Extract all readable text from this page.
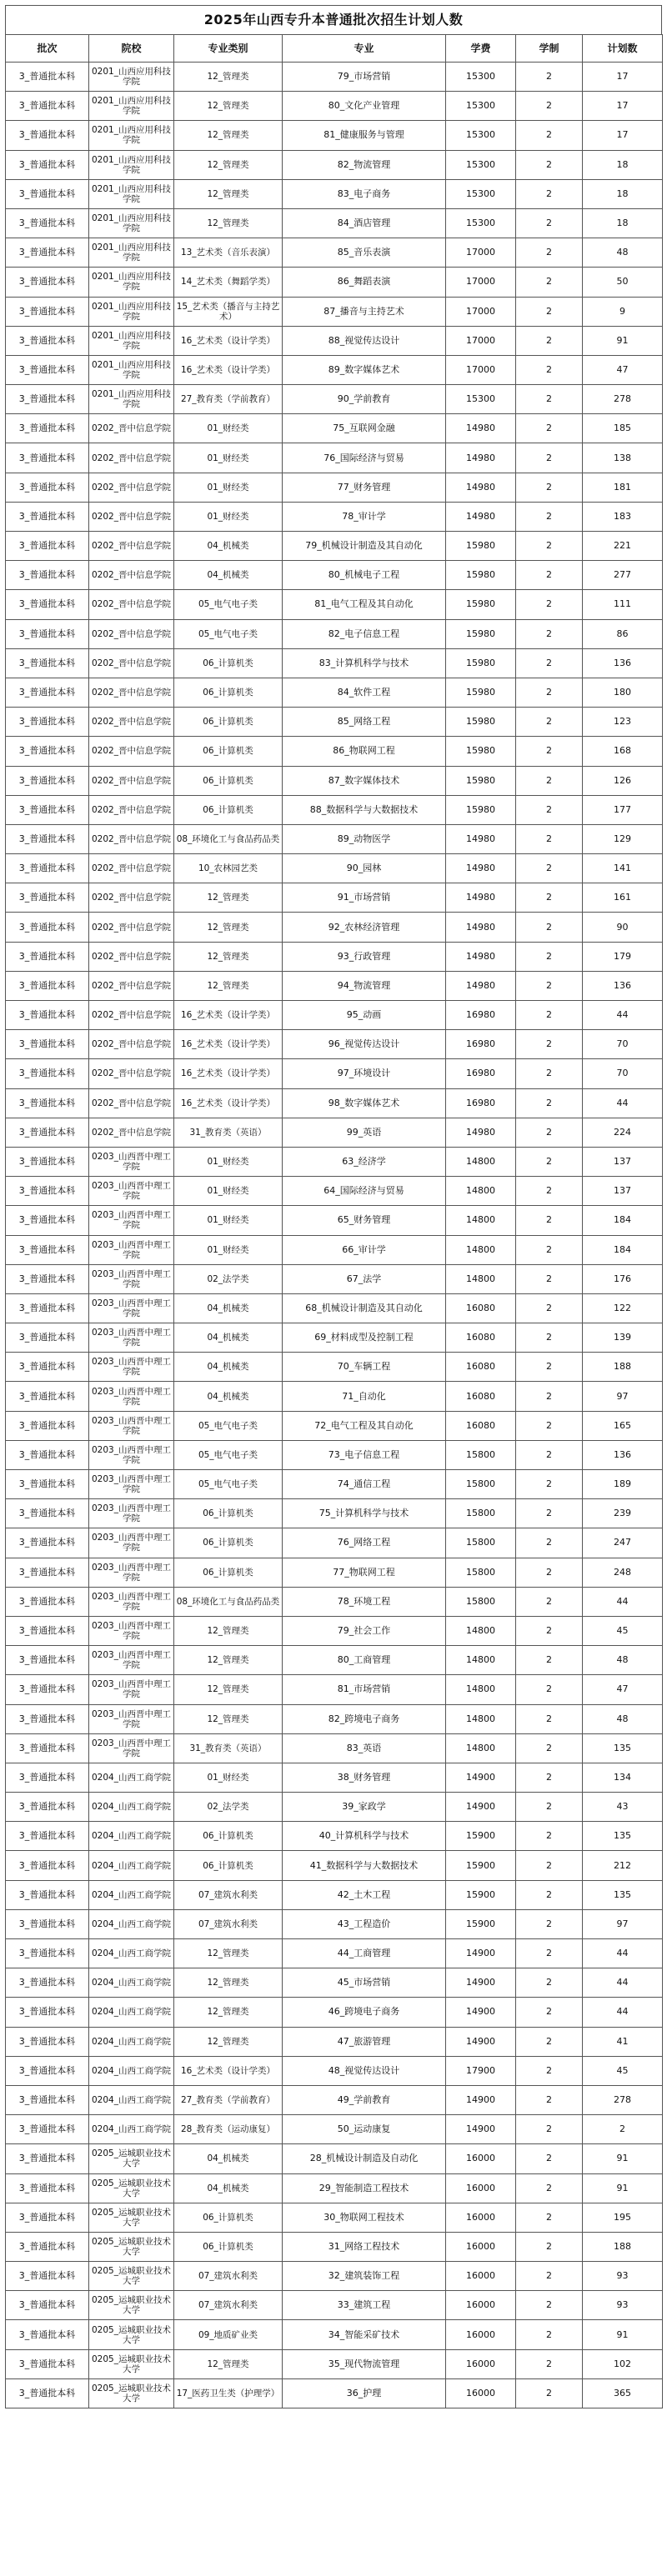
2025年山西专升本普通批次招生计划人数
批次	院校	专业类别	专业	学费	学制	计划数
3_普通批本科	0201_山西应用科技学院	12_管理类	79_市场营销	15300	2	17
3_普通批本科	0201_山西应用科技学院	12_管理类	80_文化产业管理	15300	2	17
3_普通批本科	0201_山西应用科技学院	12_管理类	81_健康服务与管理	15300	2	17
3_普通批本科	0201_山西应用科技学院	12_管理类	82_物流管理	15300	2	18
3_普通批本科	0201_山西应用科技学院	12_管理类	83_电子商务	15300	2	18
3_普通批本科	0201_山西应用科技学院	12_管理类	84_酒店管理	15300	2	18
3_普通批本科	0201_山西应用科技学院	13_艺术类（音乐表演）	85_音乐表演	17000	2	48
3_普通批本科	0201_山西应用科技学院	14_艺术类（舞蹈学类）	86_舞蹈表演	17000	2	50
3_普通批本科	0201_山西应用科技学院	15_艺术类（播音与主持艺术）	87_播音与主持艺术	17000	2	9
3_普通批本科	0201_山西应用科技学院	16_艺术类（设计学类）	88_视觉传达设计	17000	2	91
3_普通批本科	0201_山西应用科技学院	16_艺术类（设计学类）	89_数字媒体艺术	17000	2	47
3_普通批本科	0201_山西应用科技学院	27_教育类（学前教育）	90_学前教育	15300	2	278
3_普通批本科	0202_晋中信息学院	01_财经类	75_互联网金融	14980	2	185
3_普通批本科	0202_晋中信息学院	01_财经类	76_国际经济与贸易	14980	2	138
3_普通批本科	0202_晋中信息学院	01_财经类	77_财务管理	14980	2	181
3_普通批本科	0202_晋中信息学院	01_财经类	78_审计学	14980	2	183
3_普通批本科	0202_晋中信息学院	04_机械类	79_机械设计制造及其自动化	15980	2	221
3_普通批本科	0202_晋中信息学院	04_机械类	80_机械电子工程	15980	2	277
3_普通批本科	0202_晋中信息学院	05_电气电子类	81_电气工程及其自动化	15980	2	111
3_普通批本科	0202_晋中信息学院	05_电气电子类	82_电子信息工程	15980	2	86
3_普通批本科	0202_晋中信息学院	06_计算机类	83_计算机科学与技术	15980	2	136
3_普通批本科	0202_晋中信息学院	06_计算机类	84_软件工程	15980	2	180
3_普通批本科	0202_晋中信息学院	06_计算机类	85_网络工程	15980	2	123
3_普通批本科	0202_晋中信息学院	06_计算机类	86_物联网工程	15980	2	168
3_普通批本科	0202_晋中信息学院	06_计算机类	87_数字媒体技术	15980	2	126
3_普通批本科	0202_晋中信息学院	06_计算机类	88_数据科学与大数据技术	15980	2	177
3_普通批本科	0202_晋中信息学院	08_环境化工与食品药品类	89_动物医学	14980	2	129
3_普通批本科	0202_晋中信息学院	10_农林园艺类	90_园林	14980	2	141
3_普通批本科	0202_晋中信息学院	12_管理类	91_市场营销	14980	2	161
3_普通批本科	0202_晋中信息学院	12_管理类	92_农林经济管理	14980	2	90
3_普通批本科	0202_晋中信息学院	12_管理类	93_行政管理	14980	2	179
3_普通批本科	0202_晋中信息学院	12_管理类	94_物流管理	14980	2	136
3_普通批本科	0202_晋中信息学院	16_艺术类（设计学类）	95_动画	16980	2	44
3_普通批本科	0202_晋中信息学院	16_艺术类（设计学类）	96_视觉传达设计	16980	2	70
3_普通批本科	0202_晋中信息学院	16_艺术类（设计学类）	97_环境设计	16980	2	70
3_普通批本科	0202_晋中信息学院	16_艺术类（设计学类）	98_数字媒体艺术	16980	2	44
3_普通批本科	0202_晋中信息学院	31_教育类（英语）	99_英语	14980	2	224
3_普通批本科	0203_山西晋中理工学院	01_财经类	63_经济学	14800	2	137
3_普通批本科	0203_山西晋中理工学院	01_财经类	64_国际经济与贸易	14800	2	137
3_普通批本科	0203_山西晋中理工学院	01_财经类	65_财务管理	14800	2	184
3_普通批本科	0203_山西晋中理工学院	01_财经类	66_审计学	14800	2	184
3_普通批本科	0203_山西晋中理工学院	02_法学类	67_法学	14800	2	176
3_普通批本科	0203_山西晋中理工学院	04_机械类	68_机械设计制造及其自动化	16080	2	122
3_普通批本科	0203_山西晋中理工学院	04_机械类	69_材料成型及控制工程	16080	2	139
3_普通批本科	0203_山西晋中理工学院	04_机械类	70_车辆工程	16080	2	188
3_普通批本科	0203_山西晋中理工学院	04_机械类	71_自动化	16080	2	97
3_普通批本科	0203_山西晋中理工学院	05_电气电子类	72_电气工程及其自动化	16080	2	165
3_普通批本科	0203_山西晋中理工学院	05_电气电子类	73_电子信息工程	15800	2	136
3_普通批本科	0203_山西晋中理工学院	05_电气电子类	74_通信工程	15800	2	189
3_普通批本科	0203_山西晋中理工学院	06_计算机类	75_计算机科学与技术	15800	2	239
3_普通批本科	0203_山西晋中理工学院	06_计算机类	76_网络工程	15800	2	247
3_普通批本科	0203_山西晋中理工学院	06_计算机类	77_物联网工程	15800	2	248
3_普通批本科	0203_山西晋中理工学院	08_环境化工与食品药品类	78_环境工程	15800	2	44
3_普通批本科	0203_山西晋中理工学院	12_管理类	79_社会工作	14800	2	45
3_普通批本科	0203_山西晋中理工学院	12_管理类	80_工商管理	14800	2	48
3_普通批本科	0203_山西晋中理工学院	12_管理类	81_市场营销	14800	2	47
3_普通批本科	0203_山西晋中理工学院	12_管理类	82_跨境电子商务	14800	2	48
3_普通批本科	0203_山西晋中理工学院	31_教育类（英语）	83_英语	14800	2	135
3_普通批本科	0204_山西工商学院	01_财经类	38_财务管理	14900	2	134
3_普通批本科	0204_山西工商学院	02_法学类	39_家政学	14900	2	43
3_普通批本科	0204_山西工商学院	06_计算机类	40_计算机科学与技术	15900	2	135
3_普通批本科	0204_山西工商学院	06_计算机类	41_数据科学与大数据技术	15900	2	212
3_普通批本科	0204_山西工商学院	07_建筑水利类	42_土木工程	15900	2	135
3_普通批本科	0204_山西工商学院	07_建筑水利类	43_工程造价	15900	2	97
3_普通批本科	0204_山西工商学院	12_管理类	44_工商管理	14900	2	44
3_普通批本科	0204_山西工商学院	12_管理类	45_市场营销	14900	2	44
3_普通批本科	0204_山西工商学院	12_管理类	46_跨境电子商务	14900	2	44
3_普通批本科	0204_山西工商学院	12_管理类	47_旅游管理	14900	2	41
3_普通批本科	0204_山西工商学院	16_艺术类（设计学类）	48_视觉传达设计	17900	2	45
3_普通批本科	0204_山西工商学院	27_教育类（学前教育）	49_学前教育	14900	2	278
3_普通批本科	0204_山西工商学院	28_教育类（运动康复）	50_运动康复	14900	2	2
3_普通批本科	0205_运城职业技术大学	04_机械类	28_机械设计制造及自动化	16000	2	91
3_普通批本科	0205_运城职业技术大学	04_机械类	29_智能制造工程技术	16000	2	91
3_普通批本科	0205_运城职业技术大学	06_计算机类	30_物联网工程技术	16000	2	195
3_普通批本科	0205_运城职业技术大学	06_计算机类	31_网络工程技术	16000	2	188
3_普通批本科	0205_运城职业技术大学	07_建筑水利类	32_建筑装饰工程	16000	2	93
3_普通批本科	0205_运城职业技术大学	07_建筑水利类	33_建筑工程	16000	2	93
3_普通批本科	0205_运城职业技术大学	09_地质矿业类	34_智能采矿技术	16000	2	91
3_普通批本科	0205_运城职业技术大学	12_管理类	35_现代物流管理	16000	2	102
3_普通批本科	0205_运城职业技术大学	17_医药卫生类（护理学）	36_护理	16000	2	365
